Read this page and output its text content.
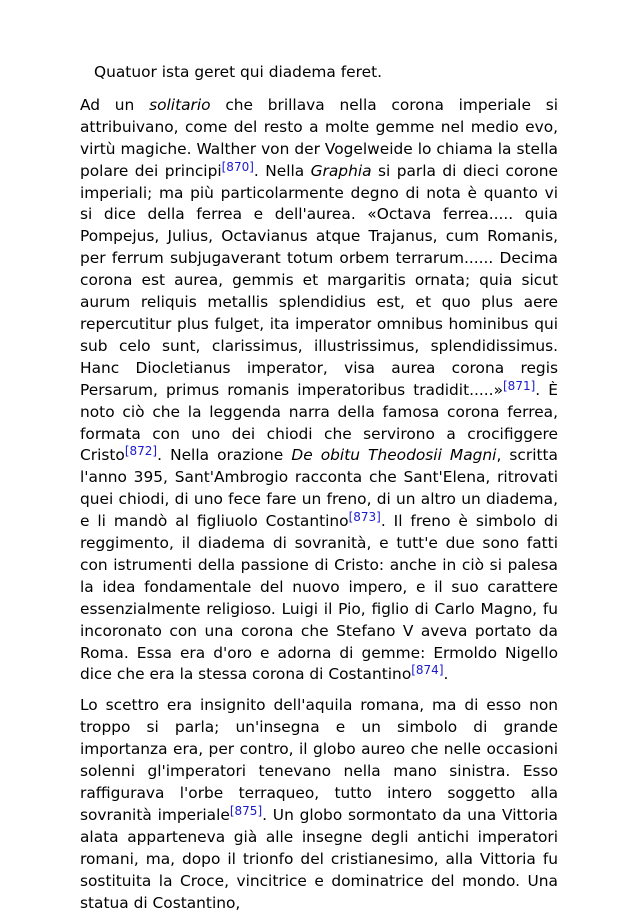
Quatuor ista geret qui diadema feret.

Ad un solitario che brillava nella corona imperiale si attribuivano, come del resto a molte gemme nel medio evo, virtù magiche. Walther von der Vogelweide lo chiama la stella polare dei principi[870]. Nella Graphia si parla di dieci corone imperiali; ma più particolarmente degno di nota è quanto vi si dice della ferrea e dell'aurea. «Octava ferrea..... quia Pompejus, Julius, Octavianus atque Trajanus, cum Romanis, per ferrum subjugaverant totum orbem terrarum...... Decima corona est aurea, gemmis et margaritis ornata; quia sicut aurum reliquis metallis splendidius est, et quo plus aere repercutitur plus fulget, ita imperator omnibus hominibus qui sub celo sunt, clarissimus, illustrissimus, splendidissimus. Hanc Diocletianus imperator, visa aurea corona regis Persarum, primus romanis imperatoribus tradidit.....»[871]. È noto ciò che la leggenda narra della famosa corona ferrea, formata con uno dei chiodi che servirono a crocifiggere Cristo[872]. Nella orazione De obitu Theodosii Magni, scritta l'anno 395, Sant'Ambrogio racconta che Sant'Elena, ritrovati quei chiodi, di uno fece fare un freno, di un altro un diadema, e li mandò al figliuolo Costantino[873]. Il freno è simbolo di reggimento, il diadema di sovranità, e tutt'e due sono fatti con istrumenti della passione di Cristo: anche in ciò si palesa la idea fondamentale del nuovo impero, e il suo carattere essenzialmente religioso. Luigi il Pio, figlio di Carlo Magno, fu incoronato con una corona che Stefano V aveva portato da Roma. Essa era d'oro e adorna di gemme: Ermoldo Nigello dice che era la stessa corona di Costantino[874].

Lo scettro era insignito dell'aquila romana, ma di esso non troppo si parla; un'insegna e un simbolo di grande importanza era, per contro, il globo aureo che nelle occasioni solenni gl'imperatori tenevano nella mano sinistra. Esso raffigurava l'orbe terraqueo, tutto intero soggetto alla sovranità imperiale[875]. Un globo sormontato da una Vittoria alata apparteneva già alle insegne degli antichi imperatori romani, ma, dopo il trionfo del cristianesimo, alla Vittoria fu sostituita la Croce, vincitrice e dominatrice del mondo. Una statua di Costantino,
